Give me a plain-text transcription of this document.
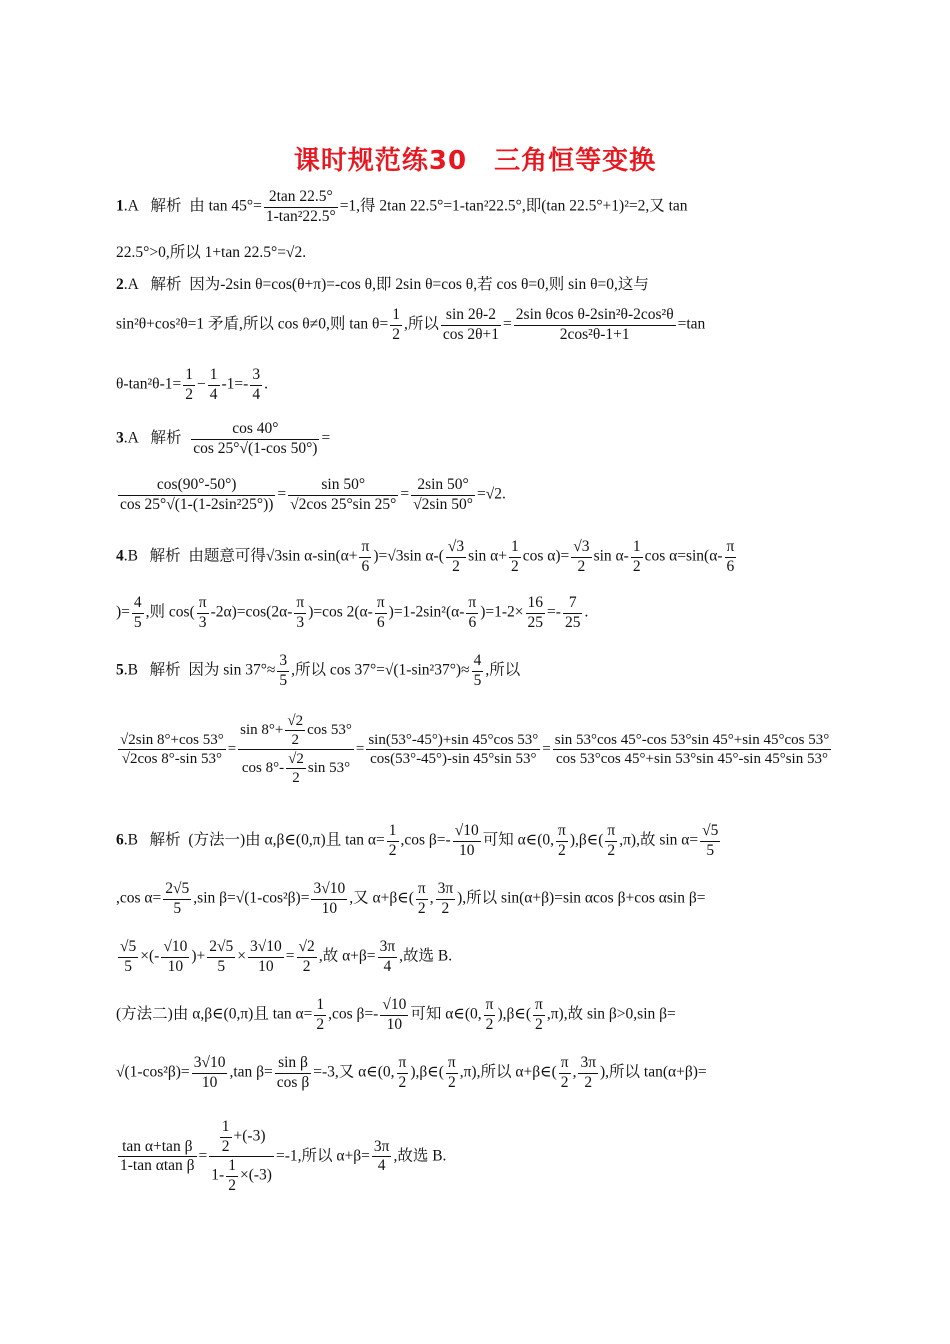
课时规范练30　三角恒等变换
1.A 解析 由 $\tan 45^\circ= \frac{2\tan 22.5^\circ}{\text{1-tan²22.5°}} =1$,得 2tan 22.5°=1-tan²22.5°,即(tan 22.5°+1)²=2,又 tan
22.5°>0,所以 1+tan 22.5°=√2.
2.A 解析 因为-2sin θ=cos(θ+π)=-cos θ,即 2sin θ=cos θ,若 cos θ=0,则 sin θ=0,这与
sin²θ+cos²θ=1 矛盾,所以 cos θ≠0,则 $\tan \theta= \frac{1}{2}$ ,所以 $\frac{\sin 2\theta-2}{\cos 2\theta+1} = \frac{\text{2sin θcos θ-2sin²θ-2cos²θ}}{\text{2cos²θ-1+1}} =\tan$
$\theta-\tan^2\theta-1= \frac{1}{2} - \frac{1}{4} -1=- \frac{3}{4}$ .
3.A 解析 $\frac{\cos 40^\circ}{\cos 25^\circ√(1-\cos 50^\circ)}$ =
$\frac{\cos(90^\circ-50^\circ)}{\text{cos 25°√(1-(1-2sin²25°))}} = \frac{\sin 50^\circ}{√2\cos 25^\circ\sin 25^\circ} = \frac{2\sin 50^\circ}{√2\sin 50^\circ} =√2$.
4.B 解析 由题意可得√3sin $\alpha-\sin(\alpha+ \frac{\pi}{6} )=√3\sin$ $\alpha-( \frac{√3}{2}$ $\sin \alpha+ \frac{1}{2}$ $\cos \alpha)= \frac{√3}{2}$ $\sin \alpha- \frac{1}{2}$ $\cos \alpha=\sin(\alpha- \frac{\pi}{6}$
)= $\frac{4}{5}$ ,则 $\cos( \frac{\pi}{3} -2\alpha)=\cos(2\alpha- \frac{\pi}{3} )=\cos$ $2(\alpha- \frac{\pi}{6} )=1-2\sin^2(\alpha- \frac{\pi}{6} )=1-2\times \frac{16}{25} =- \frac{7}{25}$ .
5.B 解析 因为 $\sin 37^\circ\approx \frac{3}{5}$ ,所以 $\cos 37^\circ=√(1-\sin^237^\circ)\approx \frac{4}{5}$ ,所以
$\frac{√2\sin 8^\circ+\cos 53^\circ}{√2\cos 8^\circ-\sin 53^\circ} = \frac{\sin 8^\circ+ \frac{√2}{2} \cos 53^\circ}{\cos 8^\circ- \frac{√2}{2} \sin 53^\circ} = \frac{\sin(53^\circ-45^\circ)+\sin 45^\circ\cos 53^\circ}{\cos(53^\circ-45^\circ)-\sin 45^\circ\sin 53^\circ} = \frac{\sin 53^\circ\cos 45^\circ-\cos 53^\circ\sin 45^\circ+\sin 45^\circ\cos 53^\circ}{\cos 53^\circ\cos 45^\circ+\sin 53^\circ\sin 45^\circ-\sin 45^\circ\sin 53^\circ}$
6.B 解析 (方法一)由 α,β∈(0,π)且 $\tan \alpha= \frac{1}{2} ,\cos$ $\beta=- \frac{√10}{10}$ 可知 α∈(0, $\frac{\pi}{2}$ ),β∈( $\frac{\pi}{2} ,\pi$),故 $\sin \alpha= \frac{√5}{5}$
,cos $\alpha= \frac{2√5}{5} ,\sin$ $\beta=√(1-\cos^2\beta)= \frac{3√10}{10}$ ,又 α+β∈( $\frac{\pi}{2}$ , $\frac{3\pi}{2}$ ),所以 sin(α+β)=sin αcos β+cos αsin β=
$\frac{√5}{5}$ ×(- $\frac{√10}{10}$ )+ $\frac{2√5}{5} \times \frac{3√10}{10} = \frac{√2}{2}$ ,故 $\alpha+\beta= \frac{3\pi}{4}$ ,故选 B.
(方法二)由 α,β∈(0,π)且 $\tan \alpha= \frac{1}{2} ,\cos$ $\beta=- \frac{√10}{10}$ 可知 α∈(0, $\frac{\pi}{2}$ ),β∈( $\frac{\pi}{2} ,\pi$),故 sin β>0,sin β=
$√(1-\cos^2\beta)= \frac{3√10}{10} ,\tan$ $\beta= \frac{\text{sin β}}{\text{cos β}} =-3$,又 α∈(0, $\frac{\pi}{2}$ ),β∈( $\frac{\pi}{2} ,\pi$),所以 α+β∈( $\frac{\pi}{2}$ , $\frac{3\pi}{2}$ ),所以 tan(α+β)=
$\frac{\text{tan α+tan β}}{\text{1-tan αtan β}} = \frac{\frac{1}{2} +(-3)}{1- \frac{1}{2} \times(-3)} =-1$,所以 $\alpha+\beta= \frac{3\pi}{4}$ ,故选 B.
